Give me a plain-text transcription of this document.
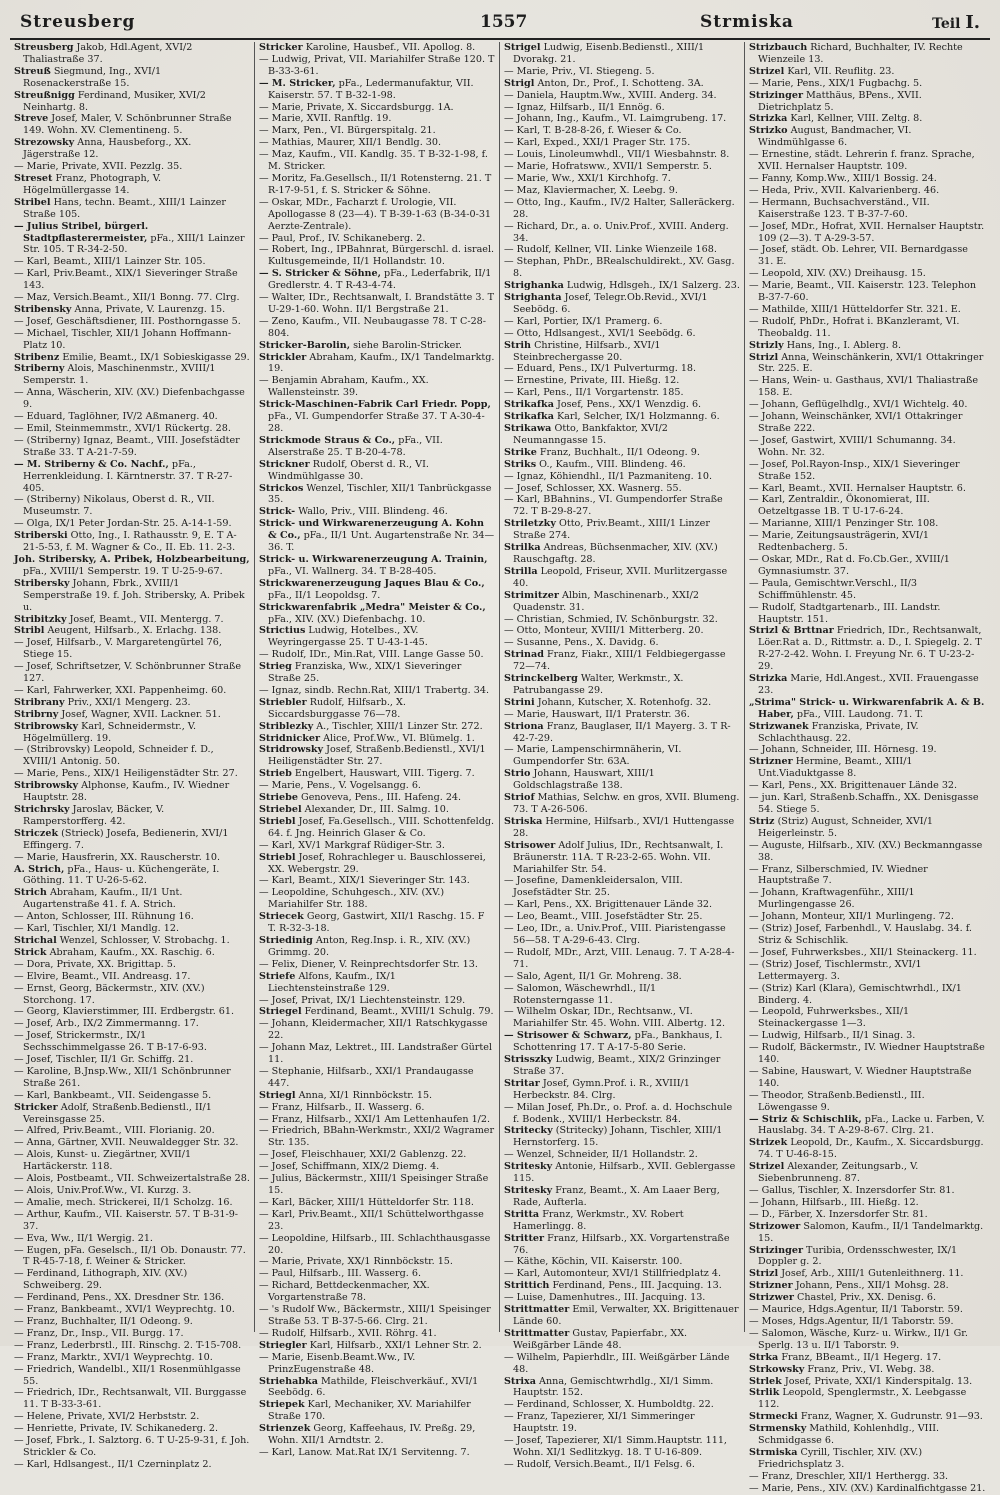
Streusberg	1557	Strmiska	Teil I.
Streusberg Jakob, Hdl.Agent, XVI/2 Thaliastraße 37.
Streuß Siegmund, Ing., XVI/1 Rosenackerstraße 15.
Streußnigg Ferdinand, Musiker, XVI/2 Neinhartg. 8.
Streve Josef, Maler, V. Schönbrunner Straße 149. Wohn. XV. Clementineng. 5.
Strezowsky Anna, Hausbeforg., XX. Jägerstraße 12.
— Marie, Private, XVII. Pezzlg. 35.
Streset Franz, Photograph, V. Högelmüllergasse 14.
Stribel Hans, techn. Beamt., XIII/1 Lainzer Straße 105.
— Julius Stribel, bürgerl. Stadtpflasterermeister, pFa., XIII/1 Lainzer Str. 105. T R-34-2-50.
— Karl, Beamt., XIII/1 Lainzer Str. 105.
— Karl, Priv.Beamt., XIX/1 Sieveringer Straße 143.
— Maz, Versich.Beamt., XII/1 Bonng. 77. Clrg.
Stribensky Anna, Private, V. Laurenzg. 15.
— Josef, Geschäftsdiener, III. Posthorngasse 5.
— Michael, Tischler, XII/1 Johann Hoffmann-Platz 10.
Stribenz Emilie, Beamt., IX/1 Sobieskigasse 29.
Striberny Alois, Maschinenmstr., XVIII/1 Semperstr. 1.
— Anna, Wäscherin, XIV. (XV.) Diefenbachgasse 9.
— Eduard, Taglöhner, IV/2 Aßmanerg. 40.
— Emil, Steinmemmstr., XVI/1 Rückertg. 28.
— (Striberny) Ignaz, Beamt., VIII. Josefstädter Straße 33. T A-21-7-59.
— M. Striberny & Co. Nachf., pFa., Herrenkleidung. I. Kärntnerstr. 37. T R-27-405.
— (Striberny) Nikolaus, Oberst d. R., VII. Museumstr. 7.
— Olga, IX/1 Peter Jordan-Str. 25. A-14-1-59.
Striberski Otto, Ing., I. Rathausstr. 9, E. T A-21-5-53, f. M. Wagner & Co., II. Eb. 11. 2-3.
Joh. Stribersky, A. Pribek, Holzbearbeitung, pFa., XVIII/1 Semperstr. 19. T U-25-9-67.
Stribersky Johann, Fbrk., XVIII/1 Semperstraße 19. f. Joh. Stribersky, A. Pribek u.
Stribitzky Josef, Beamt., VII. Mentergg. 7.
Stribl Aeugent, Hilfsarb., X. Erlachg. 138.
— Josef, Hilfsarb., V. Margaretengürtel 76, Stiege 15.
— Josef, Schriftsetzer, V. Schönbrunner Straße 127.
— Karl, Fahrwerker, XXI. Pappenheimg. 60.
Stribrany Priv., XXI/1 Mengerg. 23.
Stribrny Josef, Wagner, XVII. Lackner. 51.
Stribrowsky Karl, Schneidermstr., V. Högelmüllerg. 19.
— (Stribrovsky) Leopold, Schneider f. D., XVIII/1 Antonig. 50.
— Marie, Pens., XIX/1 Heiligenstädter Str. 27.
Stribrowsky Alphonse, Kaufm., IV. Wiedner Hauptstr. 28.
Strichrsky Jaroslav, Bäcker, V. Ramperstorfferg. 42.
Striczek (Strieck) Josefa, Bedienerin, XVI/1 Effingerg. 7.
— Marie, Hausfrerin, XX. Rauscherstr. 10.
A. Strich, pFa., Haus- u. Küchengeräte, I. Göthing. 11. T U-26-5-62.
Strich Abraham, Kaufm., II/1 Unt. Augartenstraße 41. f. A. Strich.
— Anton, Schlosser, III. Rühnung 16.
— Karl, Tischler, XI/1 Mandlg. 12.
Strichal Wenzel, Schlosser, V. Strobachg. 1.
Strick Abraham, Kaufm., XX. Raschig. 6.
— Dora, Private, XX. Brigittap. 5.
— Elvire, Beamt., VII. Andreasg. 17.
— Ernst, Georg, Bäckermstr., XIV. (XV.) Storchong. 17.
— Georg, Klavierstimmer, III. Erdbergstr. 61.
— Josef, Arb., IX/2 Zimmermanng. 17.
— Josef, Strickermstr., IX/1 Sechsschimmelgasse 26. T B-17-6-93.
— Josef, Tischler, II/1 Gr. Schiffg. 21.
— Karoline, B.Jnsp.Ww., XII/1 Schönbrunner Straße 261.
— Karl, Bankbeamt., VII. Seidengasse 5.
Stricker Adolf, Straßenb.Bedienstl., II/1 Vereinsgasse 25.
— Alfred, Priv.Beamt., VIII. Florianig. 20.
— Anna, Gärtner, XVII. Neuwaldegger Str. 32.
— Alois, Kunst- u. Ziegärtner, XVII/1 Hartäckerstr. 118.
— Alois, Postbeamt., VII. Schweizertalstraße 28.
— Alois, Univ.Prof.Ww., VI. Kurzg. 3.
— Amalie, mech. Strickerei, II/1 Scholzg. 16.
— Arthur, Kaufm., VII. Kaiserstr. 57. T B-31-9-37.
— Eva, Ww., II/1 Wergig. 21.
— Eugen, pFa. Geselsch., II/1 Ob. Donaustr. 77. T R-45-7-18, f. Weiner & Stricker.
— Ferdinand, Lithograph, XIV. (XV.) Schweiberg. 29.
— Ferdinand, Pens., XX. Dresdner Str. 136.
— Franz, Bankbeamt., XVI/1 Weyprechtg. 10.
— Franz, Buchhalter, II/1 Odeong. 9.
— Franz, Dr., Insp., VII. Burgg. 17.
— Franz, Lederbrstl., III. Rinschg. 2. T-15-708.
— Franz, Marktr., XVI/1 Weyprechtg. 10.
— Friedrich, Wandelbl., XII/1 Rosenmühlgasse 55.
— Friedrich, IDr., Rechtsanwalt, VII. Burggasse 11. T B-33-3-61.
— Helene, Private, XVI/2 Herbststr. 2.
— Henriette, Private, IV. Schikanederg. 2.
— Josef, Fbrk., I. Salztorg. 6. T U-25-9-31, f. Joh. Strickler & Co.
— Karl, Hdlsangest., II/1 Czerninplatz 2.
Stricker Karoline, Hausbef., VII. Apollog. 8.
— Ludwig, Privat, VII. Mariahilfer Straße 120. T B-33-3-61.
— M. Stricker, pFa., Ledermanufaktur, VII. Kaiserstr. 57. T B-32-1-98.
— Marie, Private, X. Siccardsburgg. 1A.
— Marie, XVII. Ranftlg. 19.
— Marx, Pen., VI. Bürgerspitalg. 21.
— Mathias, Maurer, XII/1 Bendlg. 30.
— Maz, Kaufm., VII. Kandlg. 35. T B-32-1-98, f. M. Stricker.
— Moritz, Fa.Gesellsch., II/1 Rotensterng. 21. T R-17-9-51, f. S. Stricker & Söhne.
— Oskar, MDr., Facharzt f. Urologie, VII. Apollogasse 8 (23—4). T B-39-1-63 (B-34-0-31 Aerzte-Zentrale).
— Paul, Prof., IV. Schikaneberg. 2.
— Robert, Ing., IPBahnrat, Bürgerschl. d. israel. Kultusgemeinde, II/1 Hollandstr. 10.
— S. Stricker & Söhne, pFa., Lederfabrik, II/1 Gredlerstr. 4. T R-43-4-74.
— Walter, IDr., Rechtsanwalt, I. Brandstätte 3. T U-29-1-60. Wohn. II/1 Bergstraße 21.
— Zeno, Kaufm., VII. Neubaugasse 78. T C-28-804.
Stricker-Barolin, siehe Barolin-Stricker.
Strickler Abraham, Kaufm., IX/1 Tandelmarktg. 19.
— Benjamin Abraham, Kaufm., XX. Wallensteinstr. 39.
Strick-Maschinen-Fabrik Carl Friedr. Popp, pFa., VI. Gumpendorfer Straße 37. T A-30-4-28.
Strickmode Straus & Co., pFa., VII. Alserstraße 25. T B-20-4-78.
Strickner Rudolf, Oberst d. R., VI. Windmühlgasse 30.
Strickos Wenzel, Tischler, XII/1 Tanbrückgasse 35.
Strick- Wallo, Priv., VIII. Blindeng. 46.
Strick- und Wirkwarenerzeugung A. Kohn & Co., pFa., II/1 Unt. Augartenstraße Nr. 34—36. T.
Strick- u. Wirkwarenerzeugung A. Trainin, pFa., VI. Wallnerg. 34. T B-28-405.
Strickwarenerzeugung Jaques Blau & Co., pFa., II/1 Leopoldsg. 7.
Strickwarenfabrik „Medra" Meister & Co., pFa., XIV. (XV.) Diefenbachg. 10.
Strictius Ludwig, Hotelbes., XV. Weyringergasse 25. T U-43-1-45.
— Rudolf, IDr., Min.Rat, VIII. Lange Gasse 50.
Strieg Franziska, Ww., XIX/1 Sieveringer Straße 25.
— Ignaz, sindb. Rechn.Rat, XIII/1 Trabertg. 34.
Striebler Rudolf, Hilfsarb., X. Siccardsburggasse 76—78.
Striblezky A., Tischler, XIII/1 Linzer Str. 272.
Stridnicker Alice, Prof.Ww., VI. Blümelg. 1.
Stridrowsky Josef, Straßenb.Bedienstl., XVI/1 Heiligenstädter Str. 27.
Strieb Engelbert, Hauswart, VIII. Tigerg. 7.
— Marie, Pens., V. Vogelsangg. 6.
Striebe Genoveva, Pens., III. Hafeng. 24.
Striebel Alexander, Dr., III. Salmg. 10.
Striebl Josef, Fa.Gesellsch., VIII. Schottenfeldg. 64. f. Jng. Heinrich Glaser & Co.
— Karl, XV/1 Markgraf Rüdiger-Str. 3.
Striebl Josef, Rohrachleger u. Bauschlosserei, XX. Webergstr. 29.
— Karl, Beamt., XIX/1 Sieveringer Str. 143.
— Leopoldine, Schuhgesch., XIV. (XV.) Mariahilfer Str. 188.
Striecek Georg, Gastwirt, XII/1 Raschg. 15. F T. R-32-3-18.
Striedinig Anton, Reg.Insp. i. R., XIV. (XV.) Grimmg. 20.
— Felix, Diener, V. Reinprechtsdorfer Str. 13.
Striefe Alfons, Kaufm., IX/1 Liechtensteinstraße 129.
— Josef, Privat, IX/1 Liechtensteinstr. 129.
Striegel Ferdinand, Beamt., XVIII/1 Schulg. 79.
— Johann, Kleidermacher, XII/1 Ratschkygasse 22.
— Johann Maz, Lektret., III. Landstraßer Gürtel 11.
— Stephanie, Hilfsarb., XXI/1 Prandaugasse 447.
Striegl Anna, XI/1 Rinnböckstr. 15.
— Franz, Hilfsarb., II. Wasserg. 6.
— Franz, Hilfsarb., XXI/1 Am Lettenhaufen 1/2.
— Friedrich, BBahn-Werkmstr., XXI/2 Wagramer Str. 135.
— Josef, Fleischhauer, XXI/2 Gablenzg. 22.
— Josef, Schiffmann, XIX/2 Diemg. 4.
— Julius, Bäckermstr., XIII/1 Speisinger Straße 15.
— Karl, Bäcker, XIII/1 Hütteldorfer Str. 118.
— Karl, Priv.Beamt., XII/1 Schüttelworthgasse 23.
— Leopoldine, Hilfsarb., III. Schlachthausgasse 20.
— Marie, Private, XX/1 Rinnböckstr. 15.
— Paul, Hilfsarb., III. Wasserg. 6.
— Richard, Bettdeckenmacher, XX. Vorgartenstraße 78.
— 's Rudolf Ww., Bäckermstr., XIII/1 Speisinger Straße 53. T B-37-5-66. Clrg. 21.
— Rudolf, Hilfsarb., XVII. Röhrg. 41.
Striegler Karl, Hilfsarb., XXI/1 Lehner Str. 2.
— Marie, Eisenb.Beamt.Ww., IV. PrinzEugenstraße 48.
Striehabka Mathilde, Fleischverkäuf., XVI/1 Seebödg. 6.
Striepek Karl, Mechaniker, XV. Mariahilfer Straße 170.
Strienzek Georg, Kaffeehaus, IV. Preßg. 29, Wohn. XII/1 Arndtstr. 2.
— Karl, Lanow. Mat.Rat IX/1 Servitenng. 7.
Strigel Ludwig, Eisenb.Bedienstl., XIII/1 Dvorakg. 21.
— Marie, Priv., VI. Stiegeng. 5.
Strigl Anton, Dr., Prof., I. Schotteng. 3A.
— Daniela, Hauptm.Ww., XVIII. Anderg. 34.
— Ignaz, Hilfsarb., II/1 Ennög. 6.
— Johann, Ing., Kaufm., VI. Laimgrubeng. 17.
— Karl, T. B-28-8-26, f. Wieser & Co.
— Karl, Exped., XXI/1 Prager Str. 175.
— Louis, Linoleumwhdl., VII/1 Wiesbahnstr. 8.
— Marie, Hofratsww., XVII/1 Semperstr. 5.
— Marie, Ww., XXI/1 Kirchhofg. 7.
— Maz, Klaviermacher, X. Leebg. 9.
— Otto, Ing., Kaufm., IV/2 Halter, Salleräckerg. 28.
— Richard, Dr., a. o. Univ.Prof., XVIII. Anderg. 34.
— Rudolf, Kellner, VII. Linke Wienzeile 168.
— Stephan, PhDr., BRealschuldirekt., XV. Gasg. 8.
Strighanka Ludwig, Hdlsgeh., IX/1 Salzerg. 23.
Strighanta Josef, Telegr.Ob.Revid., XVI/1 Seebödg. 6.
— Karl, Portier, IX/1 Pramerg. 6.
— Otto, Hdlsangest., XVI/1 Seebödg. 6.
Strih Christine, Hilfsarb., XVI/1 Steinbrechergasse 20.
— Eduard, Pens., IX/1 Pulverturmg. 18.
— Ernestine, Private, III. Hießg. 12.
— Karl, Pens., II/1 Vorgartenstr. 185.
Strikafka Josef, Pens., XX/1 Wenzdig. 6.
Strikafka Karl, Selcher, IX/1 Holzmanng. 6.
Strikawa Otto, Bankfaktor, XVI/2 Neumanngasse 15.
Strike Franz, Buchhalt., II/1 Odeong. 9.
Striks O., Kaufm., VIII. Blindeng. 46.
— Ignaz, Köhiendhl., II/1 Pazmaniteng. 10.
— Josef, Schlosser, XX. Wasnerg. 55.
— Karl, BBahnins., VI. Gumpendorfer Straße 72. T B-29-8-27.
Striletzky Otto, Priv.Beamt., XIII/1 Linzer Straße 274.
Strilka Andreas, Büchsenmacher, XIV. (XV.) Rauschgaftg. 28.
Strilla Leopold, Friseur, XVII. Murlitzergasse 40.
Strimitzer Albin, Maschinenarb., XXI/2 Quadenstr. 31.
— Christian, Schmied, IV. Schönburgstr. 32.
— Otto, Monteur, XVIII/1 Mitterberg. 20.
— Susanne, Pens., X. Davidg. 6.
Strinad Franz, Fiakr., XIII/1 Feldbiegergasse 72—74.
Strinckelberg Walter, Werkmstr., X. Patrubangasse 29.
Strini Johann, Kutscher, X. Rotenhofg. 32.
— Marie, Hauswart, II/1 Praterstr. 36.
Striona Franz, Bauglaser, II/1 Mayerg. 3. T R-42-7-29.
— Marie, Lampenschirmnäherin, VI. Gumpendorfer Str. 63A.
Strio Johann, Hauswart, XIII/1 Goldschlagstraße 138.
Striof Mathias, Selchw. en gros, XVII. Blumeng. 73. T A-26-506.
Striska Hermine, Hilfsarb., XVI/1 Huttengasse 28.
Strisower Adolf Julius, IDr., Rechtsanwalt, I. Bräunerstr. 11A. T R-23-2-65. Wohn. VII. Mariahilfer Str. 54.
— Josefine, Damenkleidersalon, VIII. Josefstädter Str. 25.
— Karl, Pens., XX. Brigittenauer Lände 32.
— Leo, Beamt., VIII. Josefstädter Str. 25.
— Leo, IDr., a. Univ.Prof., VIII. Piaristengasse 56—58. T A-29-6-43. Clrg.
— Rudolf, MDr., Arzt, VIII. Lenaug. 7. T A-28-4-71.
— Salo, Agent, II/1 Gr. Mohreng. 38.
— Salomon, Wäschewrhdl., II/1 Rotensterngasse 11.
— Wilhelm Oskar, IDr., Rechtsanw., VI. Mariahilfer Str. 45. Wohn. VIII. Albertg. 12.
— Strisower & Schwarz, pFa., Bankhaus, I. Schottenring 17. T A-17-5-80 Serie.
Strisszky Ludwig, Beamt., XIX/2 Grinzinger Straße 37.
Stritar Josef, Gymn.Prof. i. R., XVIII/1 Herbeckstr. 84. Clrg.
— Milan Josef, Ph.Dr., o. Prof. a. d. Hochschule f. Bodenk., XVIII/1 Herbeckstr. 84.
Stritecky (Stritecky) Johann, Tischler, XIII/1 Hernstorferg. 15.
— Wenzel, Schneider, II/1 Hollandstr. 2.
Stritesky Antonie, Hilfsarb., XVII. Geblergasse 115.
Stritesky Franz, Beamt., X. Am Laaer Berg, Rade, Aufterla.
Stritta Franz, Werkmstr., XV. Robert Hamerlingg. 8.
Stritter Franz, Hilfsarb., XX. Vorgartenstraße 76.
— Käthe, Köchin, VII. Kaiserstr. 100.
— Karl, Automonteur, XVI/1 Stillfriedplatz 4.
Strittich Ferdinand, Pens., III. Jacquing. 13.
— Luise, Damenhutres., III. Jacquing. 13.
Strittmatter Emil, Verwalter, XX. Brigittenauer Lände 60.
Strittmatter Gustav, Papierfabr., XX. Weißgärber Lände 48.
— Wilhelm, Papierhdlr., III. Weißgärber Lände 48.
Strixa Anna, Gemischtwrhdlg., XI/1 Simm. Hauptstr. 152.
— Ferdinand, Schlosser, X. Humboldtg. 22.
— Franz, Tapezierer, XI/1 Simmeringer Hauptstr. 19.
— Josef, Tapezierer, XI/1 Simm.Hauptstr. 111, Wohn. XI/1 Sedlitzkyg. 18. T U-16-809.
— Rudolf, Versich.Beamt., II/1 Felsg. 6.
Strizbauch Richard, Buchhalter, IV. Rechte Wienzeile 13.
Strizel Karl, VII. Reuflitg. 23.
— Marie, Pens., XIX/1 Fugbachg. 5.
Strizinger Matthäus, BPens., XVII. Dietrichplatz 5.
Strizka Karl, Kellner, VIII. Zeltg. 8.
Strizko August, Bandmacher, VI. Windmühlgasse 6.
— Ernestine, städt. Lehrerin f. franz. Sprache, XVII. Hernalser Hauptstr. 109.
— Fanny, Komp.Ww., XIII/1 Bossig. 24.
— Heda, Priv., XVII. Kalvarienberg. 46.
— Hermann, Buchsachverständ., VII. Kaiserstraße 123. T B-37-7-60.
— Josef, MDr., Hofrat, XVII. Hernalser Hauptstr. 109 (2—3). T A-29-3-57.
— Josef, städt. Ob. Lehrer, VII. Bernardgasse 31. E.
— Leopold, XIV. (XV.) Dreihausg. 15.
— Marie, Beamt., VII. Kaiserstr. 123. Telephon B-37-7-60.
— Mathilde, XIII/1 Hütteldorfer Str. 321. E.
— Rudolf, PhDr., Hofrat i. BKanzleramt, VI. Theobaldg. 11.
Strizly Hans, Ing., I. Ablerg. 8.
Strizl Anna, Weinschänkerin, XVI/1 Ottakringer Str. 225. E.
— Hans, Wein- u. Gasthaus, XVI/1 Thaliastraße 158. E.
— Johann, Geflügelhdlg., XVI/1 Wichtelg. 40.
— Johann, Weinschänker, XVI/1 Ottakringer Straße 222.
— Josef, Gastwirt, XVIII/1 Schumanng. 34. Wohn. Nr. 32.
— Josef, Pol.Rayon-Insp., XIX/1 Sieveringer Straße 152.
— Karl, Beamt., XVII. Hernalser Hauptstr. 6.
— Karl, Zentraldir., Ökonomierat, III. Oetzeltgasse 1B. T U-17-6-24.
— Marianne, XIII/1 Penzinger Str. 108.
— Marie, Zeitungsausträgerin, XVI/1 Redtenbacherg. 5.
— Oskar, MDr., Rat d. Fo.Cb.Ger., XVIII/1 Gymnasiumstr. 37.
— Paula, Gemischtwr.Verschl., II/3 Schiffmühlenstr. 45.
— Rudolf, Stadtgartenarb., III. Landstr. Hauptstr. 151.
Strizl & Brttnar Friedrich, IDr., Rechtsanwalt, Löer.Rat a. D., Rittmstr. a. D., I. Spiegelg. 2. T R-27-2-42. Wohn. I. Freyung Nr. 6. T U-23-2-29.
Strizka Marie, Hdl.Angest., XVII. Frauengasse 23.
„Strima" Strick- u. Wirkwarenfabrik A. & B. Haber, pFa., VIII. Laudong. 71. T.
Strizwanek Franziska, Private, IV. Schlachthausg. 22.
— Johann, Schneider, III. Hörnesg. 19.
Strizner Hermine, Beamt., XIII/1 Unt.Viaduktgasse 8.
— Karl, Pens., XX. Brigittenauer Lände 32.
— jun. Karl, Straßenb.Schaffn., XX. Denisgasse 54. Stiege 5.
Striz (Striz) August, Schneider, XVI/1 Heigerleinstr. 5.
— Auguste, Hilfsarb., XIV. (XV.) Beckmanngasse 38.
— Franz, Silberschmied, IV. Wiedner Hauptstraße 7.
— Johann, Kraftwagenführ., XIII/1 Murlingengasse 26.
— Johann, Monteur, XII/1 Murlingeng. 72.
— (Striz) Josef, Farbenhdl., V. Hauslabg. 34. f. Striz & Schischlik.
— Josef, Fuhrwerksbes., XII/1 Steinackerg. 11.
— (Striz) Josef, Tischlermstr., XVI/1 Lettermayerg. 3.
— (Striz) Karl (Klara), Gemischtwrhdl., IX/1 Binderg. 4.
— Leopold, Fuhrwerksbes., XII/1 Steinackergasse 1—3.
— Ludwig, Hilfsarb., II/1 Sinag. 3.
— Rudolf, Bäckermstr., IV. Wiedner Hauptstraße 140.
— Sabine, Hauswart, V. Wiedner Hauptstraße 140.
— Theodor, Straßenb.Bedienstl., III. Löwengasse 9.
— Striz & Schischlik, pFa., Lacke u. Farben, V. Hauslabg. 34. T A-29-8-67. Clrg. 21.
Strizek Leopold, Dr., Kaufm., X. Siccardsburgg. 74. T U-46-8-15.
Strizel Alexander, Zeitungsarb., V. Siebenbrunneng. 87.
— Gallus, Tischler, X. Inzersdorfer Str. 81.
— Johann, Hilfsarb., III. Hießg. 12.
— D., Färber, X. Inzersdorfer Str. 81.
Strizower Salomon, Kaufm., II/1 Tandelmarktg. 15.
Strizinger Turibia, Ordensschwester, IX/1 Doppler g. 2.
Strizl Josef, Arb., XIII/1 Gutenleithnerg. 11.
Strizner Johann, Pens., XII/1 Mohsg. 28.
Strizwer Chastel, Priv., XX. Denisg. 6.
— Maurice, Hdgs.Agentur, II/1 Taborstr. 59.
— Moses, Hdgs.Agentur, II/1 Taborstr. 59.
— Salomon, Wäsche, Kurz- u. Wirkw., II/1 Gr. Sperlg. 13 u. II/1 Taborstr. 9.
Strka Franz, BBeamt., II/1 Hegerg. 17.
Strkowsky Franz, Priv., VI. Webg. 38.
Strlek Josef, Private, XXI/1 Kinderspitalg. 13.
Strlik Leopold, Spenglermstr., X. Leebgasse 112.
Strmecki Franz, Wagner, X. Gudrunstr. 91—93.
Strmensky Mathild, Kohlenhdlg., VIII. Schmidgasse 6.
Strmiska Cyrill, Tischler, XIV. (XV.) Friedrichsplatz 3.
— Franz, Dreschler, XII/1 Herthergg. 33.
— Marie, Pens., XIV. (XV.) Kardinalfichtgasse 21.
